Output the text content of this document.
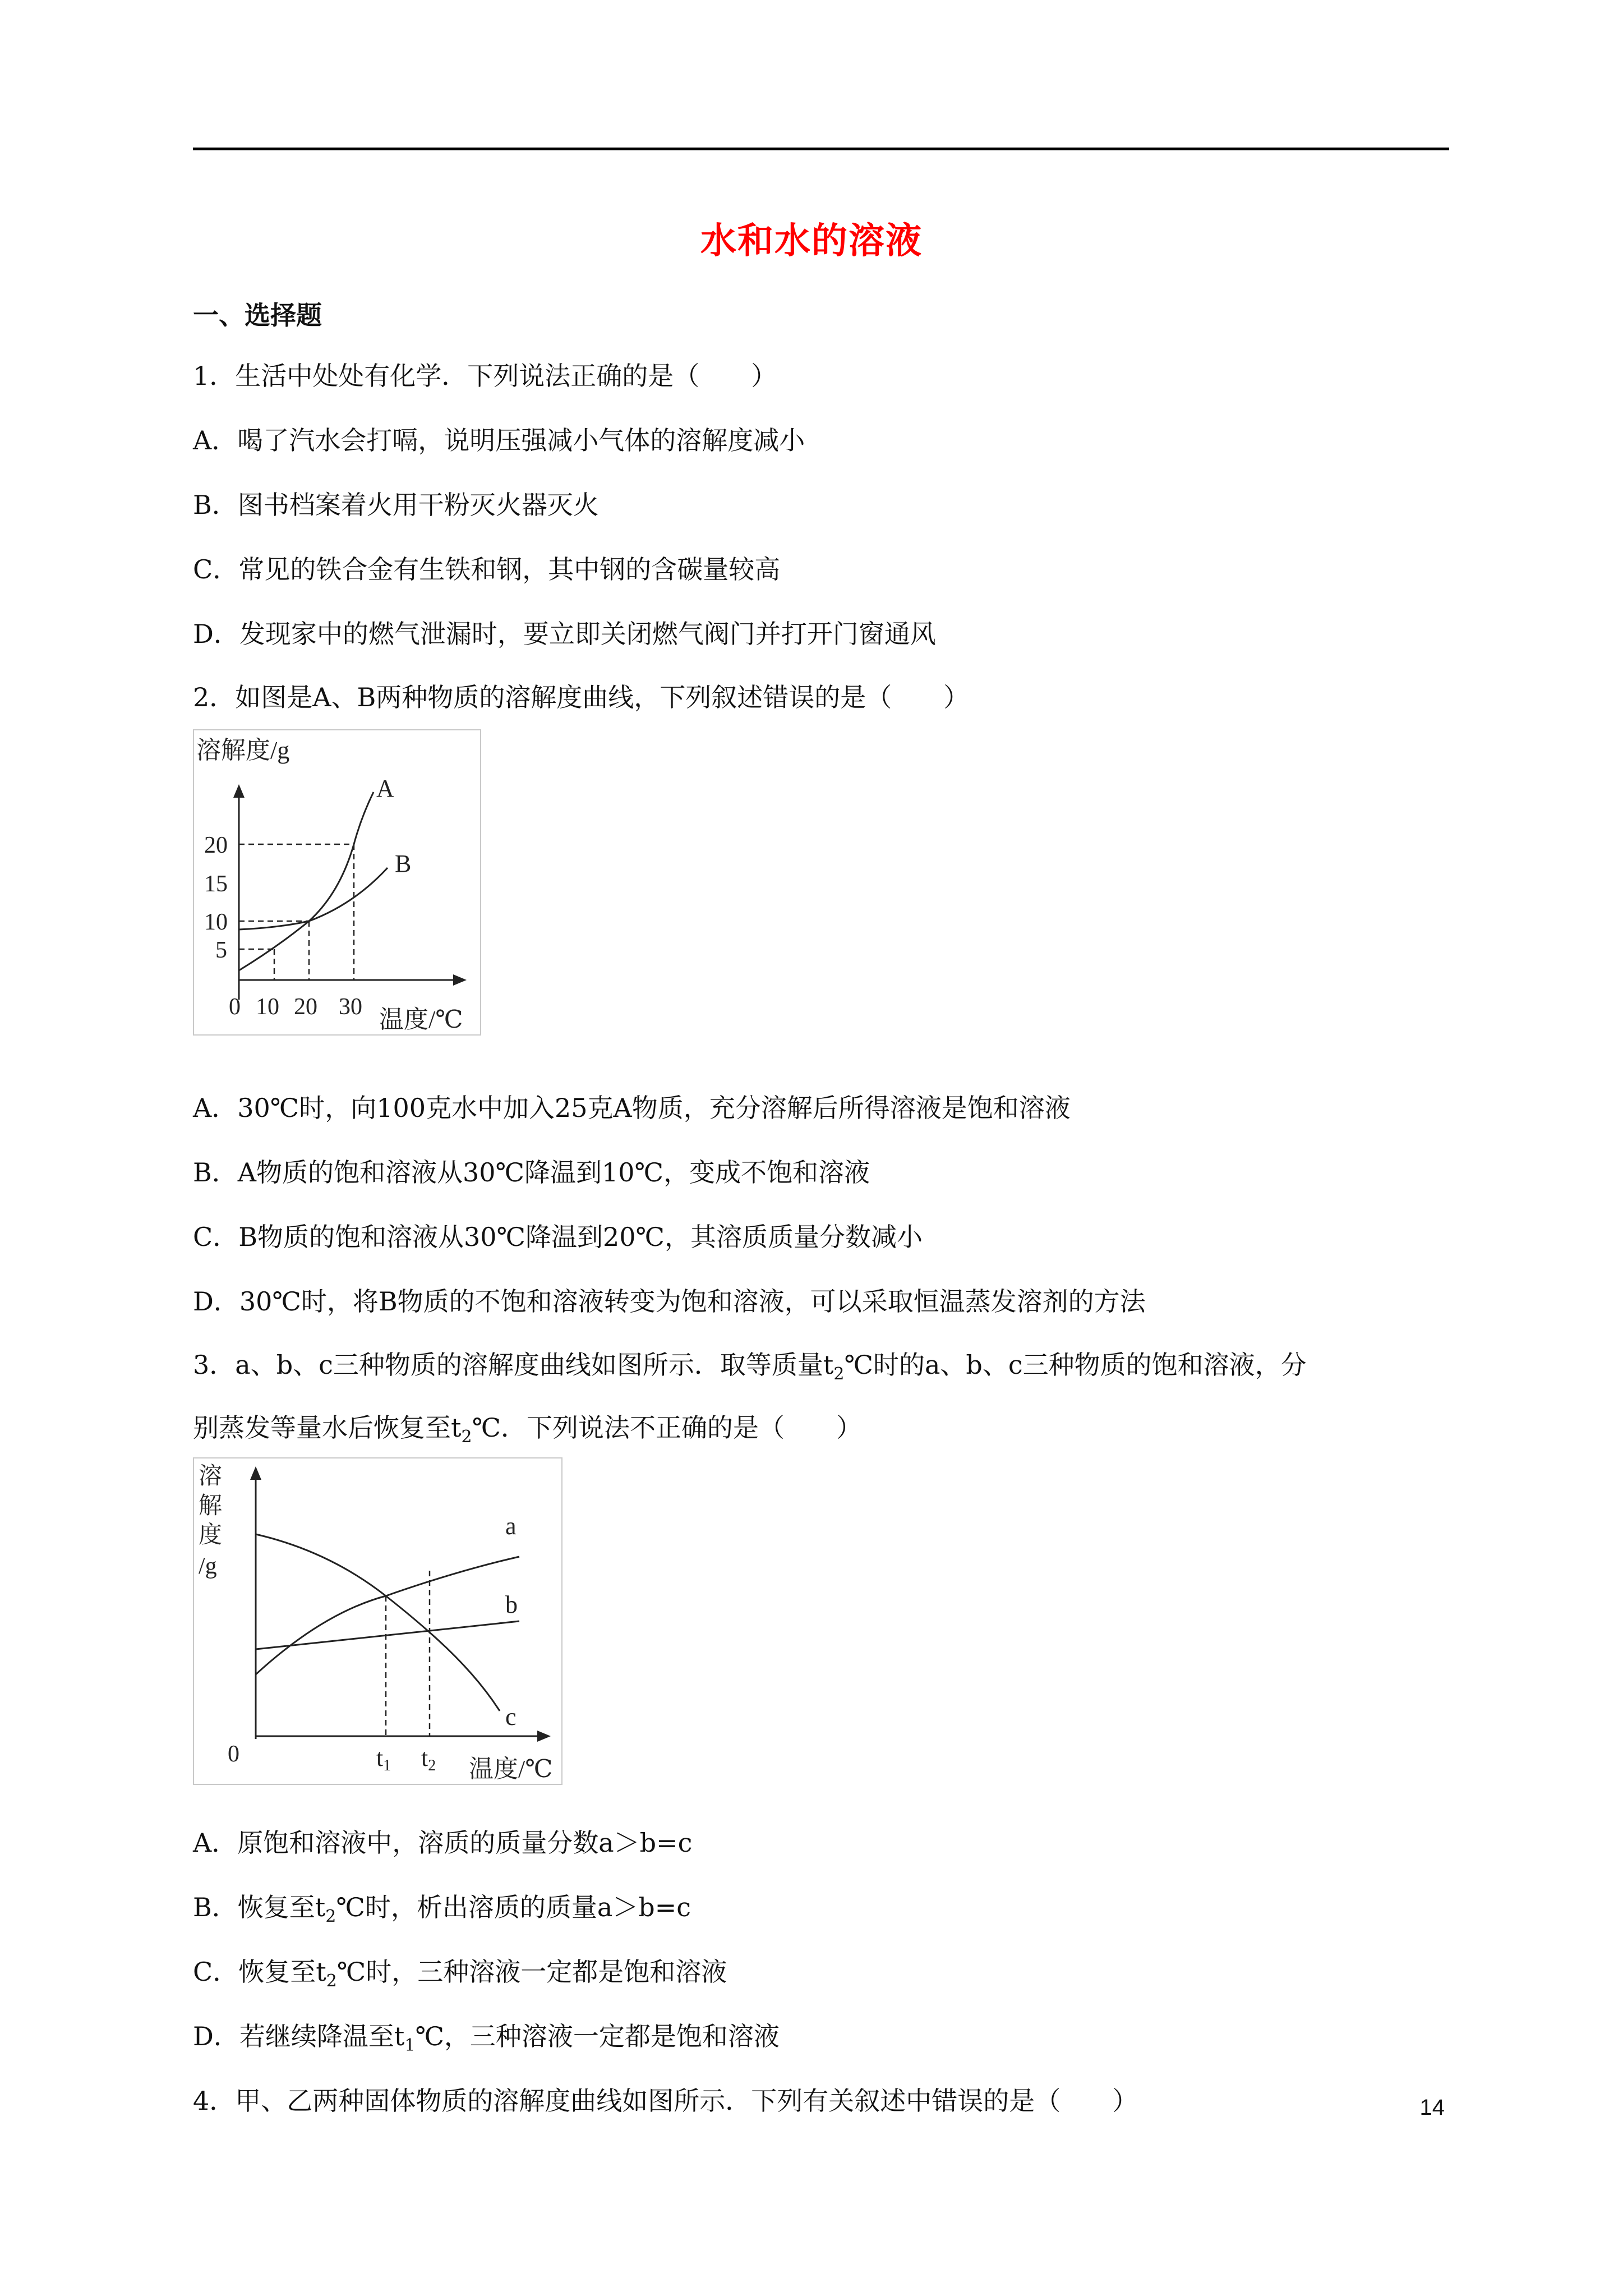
水和水的溶液
一、选择题
1．生活中处处有化学．下列说法正确的是（　　）
A．喝了汽水会打嗝，说明压强减小气体的溶解度减小
B．图书档案着火用干粉灭火器灭火
C．常见的铁合金有生铁和钢，其中钢的含碳量较高
D．发现家中的燃气泄漏时，要立即关闭燃气阀门并打开门窗通风
2．如图是A、B两种物质的溶解度曲线，下列叙述错误的是（　　）
溶解度/g
A
B
20
15
10
5
0 10 20 30 温度/℃
A．30℃时，向100克水中加入25克A物质，充分溶解后所得溶液是饱和溶液
B．A物质的饱和溶液从30℃降温到10℃，变成不饱和溶液
C．B物质的饱和溶液从30℃降温到20℃，其溶质质量分数减小
D．30℃时，将B物质的不饱和溶液转变为饱和溶液，可以采取恒温蒸发溶剂的方法
3．a、b、c三种物质的溶解度曲线如图所示．取等质量$t_2℃$时的a、b、c三种物质的饱和溶液，分
别蒸发等量水后恢复至$t_2℃$．下列说法不正确的是（　　）
溶
解
度
/g
a
b
c
0	t1 t2 温度/℃
A．原饱和溶液中，溶质的质量分数a＞b=c
B．恢复至$t_2℃$时，析出溶质的质量a＞b=c
C．恢复至$t_2℃$时，三种溶液一定都是饱和溶液
D．若继续降温至$t_1℃$，三种溶液一定都是饱和溶液
4．甲、乙两种固体物质的溶解度曲线如图所示．下列有关叙述中错误的是（　　）	14
